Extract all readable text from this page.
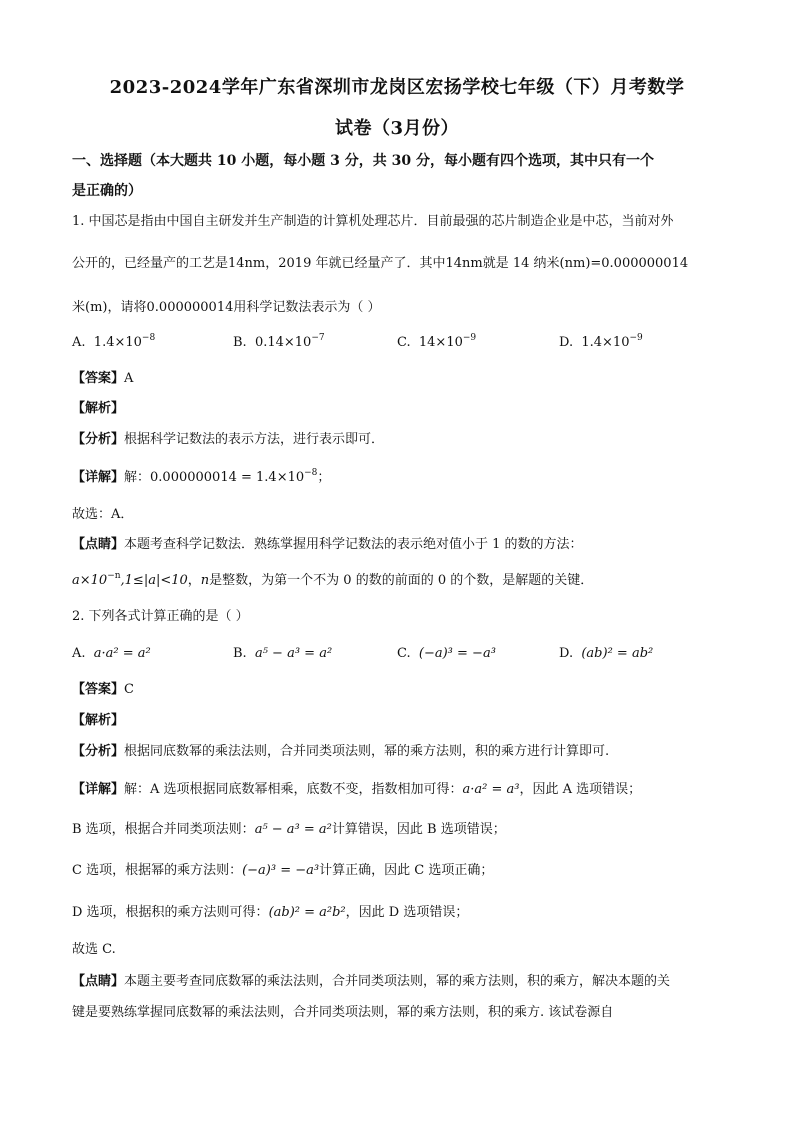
2023-2024学年广东省深圳市龙岗区宏扬学校七年级（下）月考数学
试卷（3月份）
一、选择题（本大题共 10 小题，每小题 3 分，共 30 分，每小题有四个选项，其中只有一个
是正确的）
1. 中国芯是指由中国自主研发并生产制造的计算机处理芯片．目前最强的芯片制造企业是中芯，当前对外
公开的，已经量产的工艺是14nm，2019 年就已经量产了．其中14nm就是 14 纳米(nm)=0.000000014
米(m)，请将0.000000014用科学记数法表示为（ ）
A. $1.4\times 10^{-8}$	B. $0.14\times 10^{-7}$	C. $14\times 10^{-9}$	D. $1.4\times 10^{-9}$
【答案】A
【解析】
【分析】根据科学记数法的表示方法，进行表示即可．
【详解】解：$0.000000014 = 1.4\times 10^{-8}$；
故选：A．
【点睛】本题考查科学记数法．熟练掌握用科学记数法的表示绝对值小于 1 的数的方法：
$a\times 10^{-n},1\le|a|<10$，n是整数，为第一个不为 0 的数的前面的 0 的个数，是解题的关键．
2. 下列各式计算正确的是（ ）
A. a·a² = a²	B. a⁵ − a³ = a²	C. (−a)³ = −a³	D. (ab)² = ab²
【答案】C
【解析】
【分析】根据同底数幂的乘法法则，合并同类项法则，幂的乘方法则，积的乘方进行计算即可.
【详解】解：A 选项根据同底数幂相乘，底数不变，指数相加可得：a·a² = a³，因此 A 选项错误；
B 选项，根据合并同类项法则：a⁵ − a³ = a²计算错误，因此 B 选项错误；
C 选项，根据幂的乘方法则：(−a)³ = −a³计算正确，因此 C 选项正确；
D 选项，根据积的乘方法则可得：(ab)² = a²b²，因此 D 选项错误；
故选 C.
【点睛】本题主要考查同底数幂的乘法法则，合并同类项法则，幂的乘方法则，积的乘方，解决本题的关
键是要熟练掌握同底数幂的乘法法则，合并同类项法则，幂的乘方法则，积的乘方. 该试卷源自
